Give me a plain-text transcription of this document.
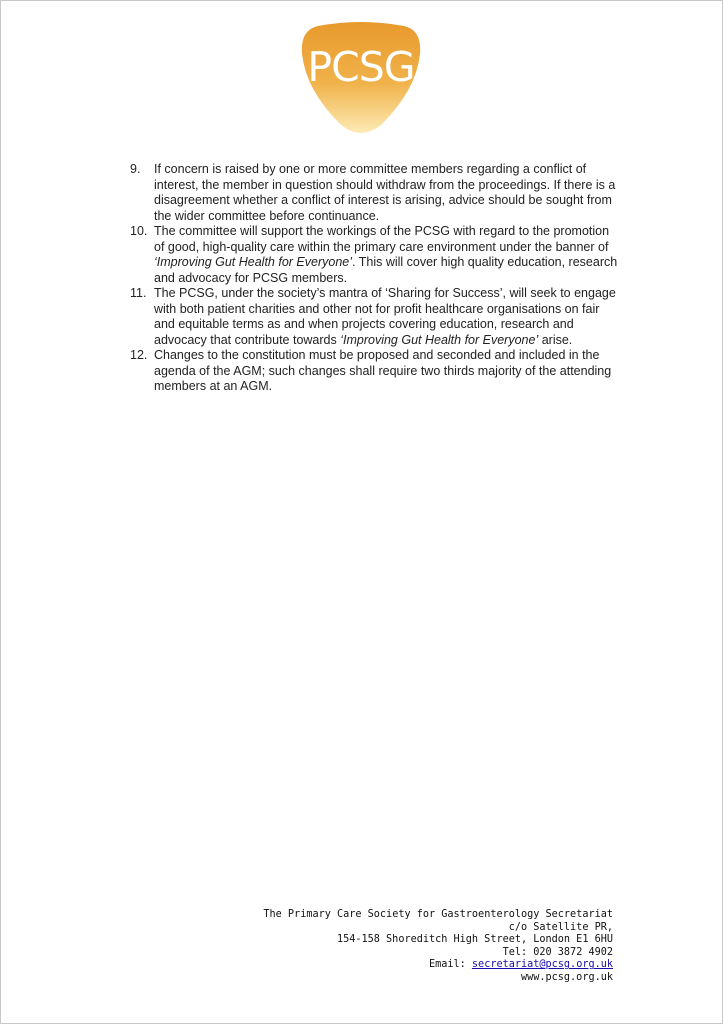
PCSG
9.	If concern is raised by one or more committee members regarding a conflict of interest, the member in question should withdraw from the proceedings. If there is a disagreement whether a conflict of interest is arising, advice should be sought from the wider committee before continuance.
10. The committee will support the workings of the PCSG with regard to the promotion of good, high-quality care within the primary care environment under the banner of ‘Improving Gut Health for Everyone’. This will cover high quality education, research and advocacy for PCSG members.
11. The PCSG, under the society’s mantra of ‘Sharing for Success’, will seek to engage with both patient charities and other not for profit healthcare organisations on fair and equitable terms as and when projects covering education, research and advocacy that contribute towards ‘Improving Gut Health for Everyone’ arise.
12. Changes to the constitution must be proposed and seconded and included in the agenda of the AGM; such changes shall require two thirds majority of the attending members at an AGM.
The Primary Care Society for Gastroenterology Secretariat
c/o Satellite PR,
154-158 Shoreditch High Street, London E1 6HU
Tel: 020 3872 4902
Email: secretariat@pcsg.org.uk
www.pcsg.org.uk
